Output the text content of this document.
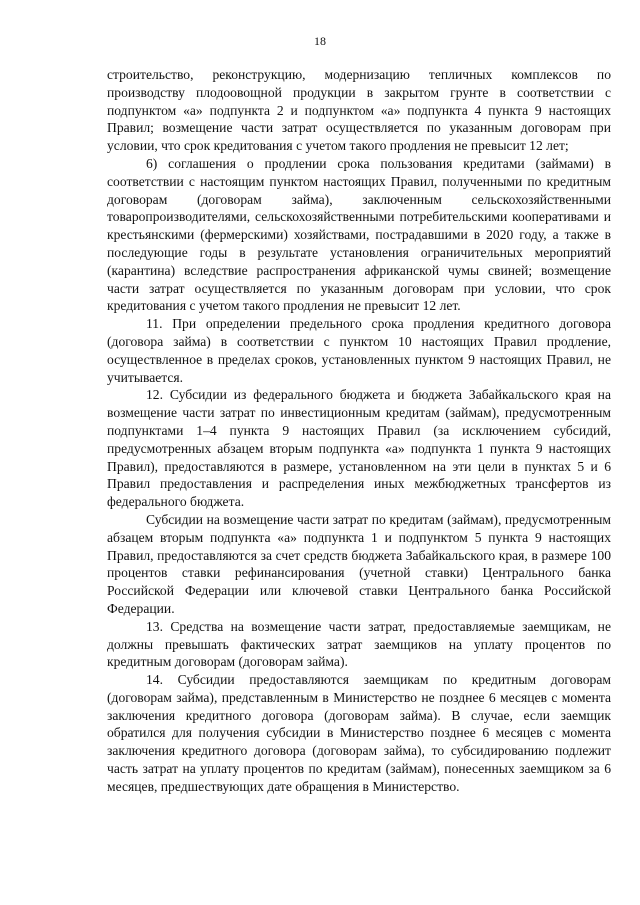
18

строительство, реконструкцию, модернизацию тепличных комплексов по производству плодоовощной продукции в закрытом грунте в соответствии с подпунктом «а» подпункта 2 и подпунктом «а» подпункта 4 пункта 9 настоящих Правил; возмещение части затрат осуществляется по указанным договорам при условии, что срок кредитования с учетом такого продления не превысит 12 лет;

6) соглашения о продлении срока пользования кредитами (займами) в соответствии с настоящим пунктом настоящих Правил, полученными по кредитным договорам (договорам займа), заключенным сельскохозяйственными товаропроизводителями, сельскохозяйственными потребительскими кооперативами и крестьянскими (фермерскими) хозяйствами, пострадавшими в 2020 году, а также в последующие годы в результате установления ограничительных мероприятий (карантина) вследствие распространения африканской чумы свиней; возмещение части затрат осуществляется по указанным договорам при условии, что срок кредитования с учетом такого продления не превысит 12 лет.

11. При определении предельного срока продления кредитного договора (договора займа) в соответствии с пунктом 10 настоящих Правил продление, осуществленное в пределах сроков, установленных пунктом 9 настоящих Правил, не учитывается.

12. Субсидии из федерального бюджета и бюджета Забайкальского края на возмещение части затрат по инвестиционным кредитам (займам), предусмотренным подпунктами 1–4 пункта 9 настоящих Правил (за исключением субсидий, предусмотренных абзацем вторым подпункта «а» подпункта 1 пункта 9 настоящих Правил), предоставляются в размере, установленном на эти цели в пунктах 5 и 6 Правил предоставления и распределения иных межбюджетных трансфертов из федерального бюджета.

Субсидии на возмещение части затрат по кредитам (займам), предусмотренным абзацем вторым подпункта «а» подпункта 1 и подпунктом 5 пункта 9 настоящих Правил, предоставляются за счет средств бюджета Забайкальского края, в размере 100 процентов ставки рефинансирования (учетной ставки) Центрального банка Российской Федерации или ключевой ставки Центрального банка Российской Федерации.

13. Средства на возмещение части затрат, предоставляемые заемщикам, не должны превышать фактических затрат заемщиков на уплату процентов по кредитным договорам (договорам займа).

14. Субсидии предоставляются заемщикам по кредитным договорам (договорам займа), представленным в Министерство не позднее 6 месяцев с момента заключения кредитного договора (договорам займа). В случае, если заемщик обратился для получения субсидии в Министерство позднее 6 месяцев с момента заключения кредитного договора (договорам займа), то субсидированию подлежит часть затрат на уплату процентов по кредитам (займам), понесенных заемщиком за 6 месяцев, предшествующих дате обращения в Министерство.
